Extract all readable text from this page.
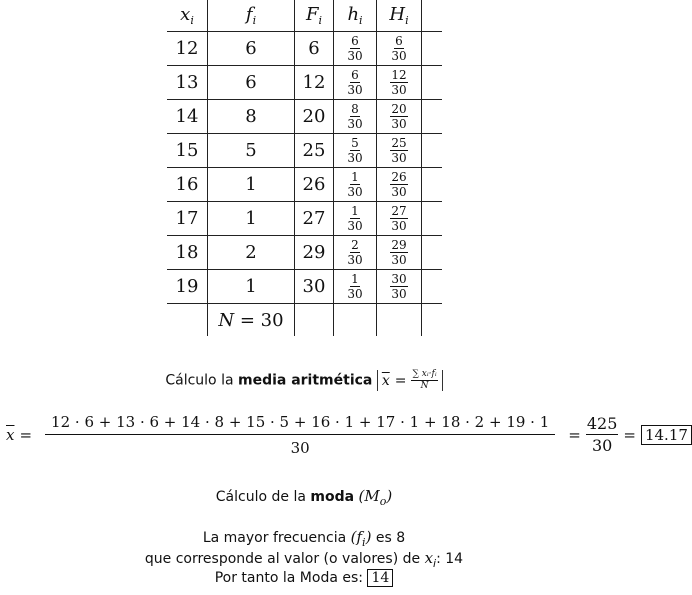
$x_i$	$f_i$	$F_i$	$h_i$	$H_i$	
12	6	6	$\frac{6}{30}$	$\frac{6}{30}$

13	6	12	$\frac{6}{30}$	$\frac{12}{30}$

14	8	20	$\frac{8}{30}$	$\frac{20}{30}$

15	5	25	$\frac{5}{30}$	$\frac{25}{30}$

16	1	26	$\frac{1}{30}$	$\frac{26}{30}$

17	1	27	$\frac{1}{30}$	$\frac{27}{30}$

18	2	29	$\frac{2}{30}$	$\frac{29}{30}$

19	1	30	$\frac{1}{30}$	$\frac{30}{30}$

	N = 30				
Cálculo la media aritmética $\overline{x} = \frac{\text{∑ xᵢ·fᵢ}}{N}$
$\overline{x}$ =
12 · 6 + 13 · 6 + 14 · 8 + 15 · 5 + 16 · 1 + 17 · 1 + 18 · 2 + 19 · 1
30
= $\frac{425}{30} = 14.17$
Cálculo de la moda $(M_o)$
La mayor frecuencia $(f_i)$ es 8
que corresponde al valor (o valores) de $x_i$: 14
Por tanto la Moda es: 14
